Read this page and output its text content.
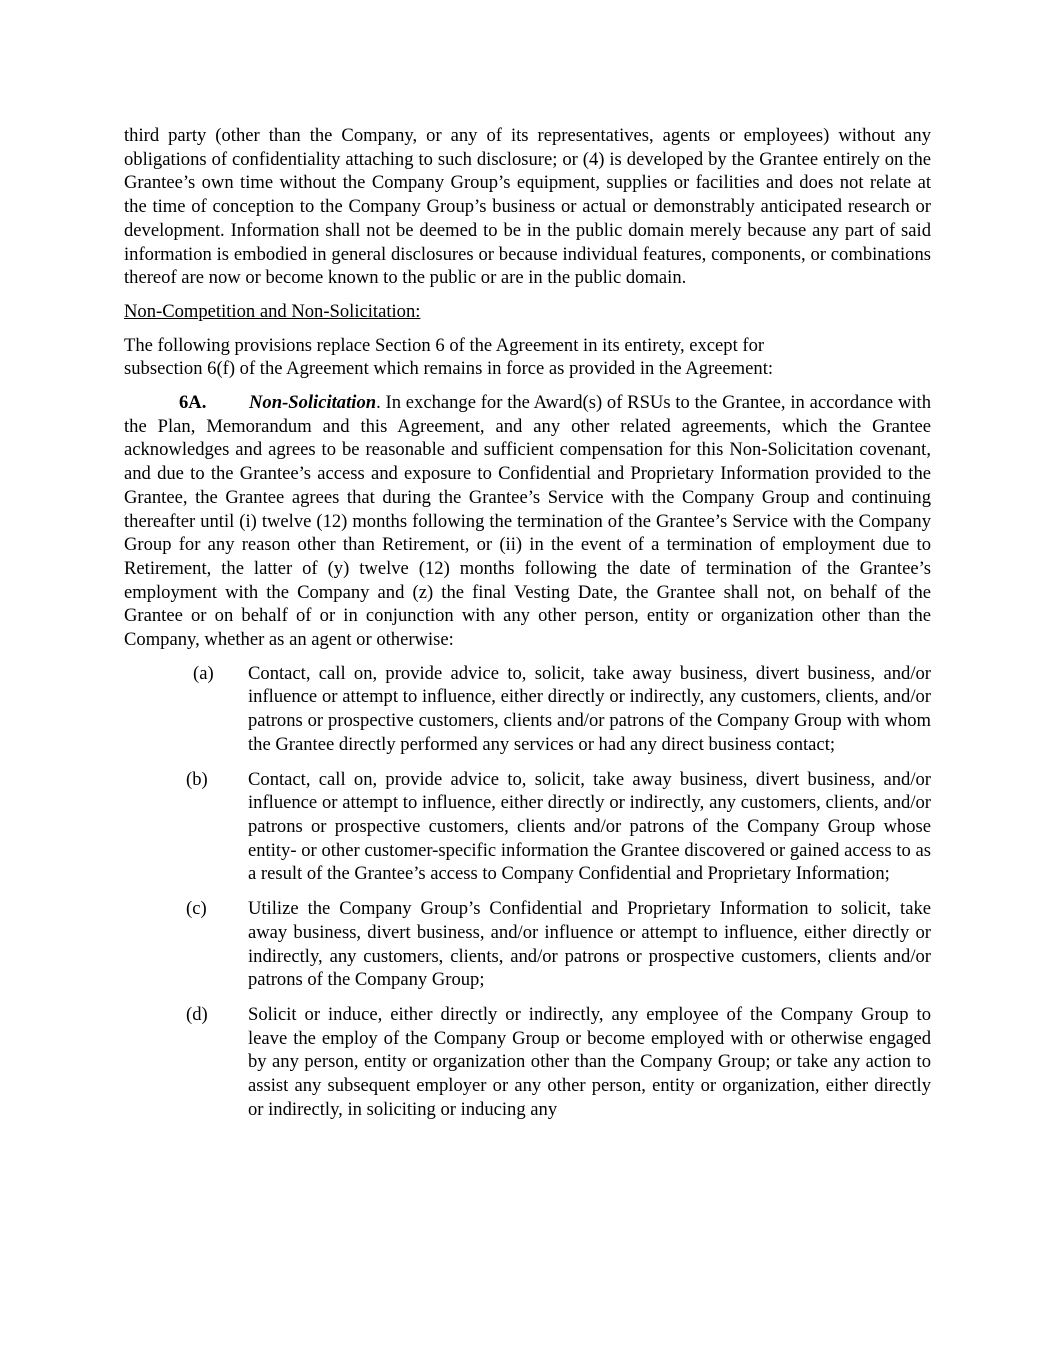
third party (other than the Company, or any of its representatives, agents or employees) without any obligations of confidentiality attaching to such disclosure; or (4) is developed by the Grantee entirely on the Grantee’s own time without the Company Group’s equipment, supplies or facilities and does not relate at the time of conception to the Company Group’s business or actual or demonstrably anticipated research or development. Information shall not be deemed to be in the public domain merely because any part of said information is embodied in general disclosures or because individual features, components, or combinations thereof are now or become known to the public or are in the public domain.

Non-Competition and Non-Solicitation:

The following provisions replace Section 6 of the Agreement in its entirety, except for
subsection 6(f) of the Agreement which remains in force as provided in the Agreement:

6A. Non-Solicitation. In exchange for the Award(s) of RSUs to the Grantee, in accordance with the Plan, Memorandum and this Agreement, and any other related agreements, which the Grantee acknowledges and agrees to be reasonable and sufficient compensation for this Non-Solicitation covenant, and due to the Grantee’s access and exposure to Confidential and Proprietary Information provided to the Grantee, the Grantee agrees that during the Grantee’s Service with the Company Group and continuing thereafter until (i) twelve (12) months following the termination of the Grantee’s Service with the Company Group for any reason other than Retirement, or (ii) in the event of a termination of employment due to Retirement, the latter of (y) twelve (12) months following the date of termination of the Grantee’s employment with the Company and (z) the final Vesting Date, the Grantee shall not, on behalf of the Grantee or on behalf of or in conjunction with any other person, entity or organization other than the Company, whether as an agent or otherwise:

(a) Contact, call on, provide advice to, solicit, take away business, divert business, and/or influence or attempt to influence, either directly or indirectly, any customers, clients, and/or patrons or prospective customers, clients and/or patrons of the Company Group with whom the Grantee directly performed any services or had any direct business contact;
(b) Contact, call on, provide advice to, solicit, take away business, divert business, and/or influence or attempt to influence, either directly or indirectly, any customers, clients, and/or patrons or prospective customers, clients and/or patrons of the Company Group whose entity- or other customer-specific information the Grantee discovered or gained access to as a result of the Grantee’s access to Company Confidential and Proprietary Information;
(c) Utilize the Company Group’s Confidential and Proprietary Information to solicit, take away business, divert business, and/or influence or attempt to influence, either directly or indirectly, any customers, clients, and/or patrons or prospective customers, clients and/or patrons of the Company Group;
(d) Solicit or induce, either directly or indirectly, any employee of the Company Group to leave the employ of the Company Group or become employed with or otherwise engaged by any person, entity or organization other than the Company Group; or take any action to assist any subsequent employer or any other person, entity or organization, either directly or indirectly, in soliciting or inducing any
